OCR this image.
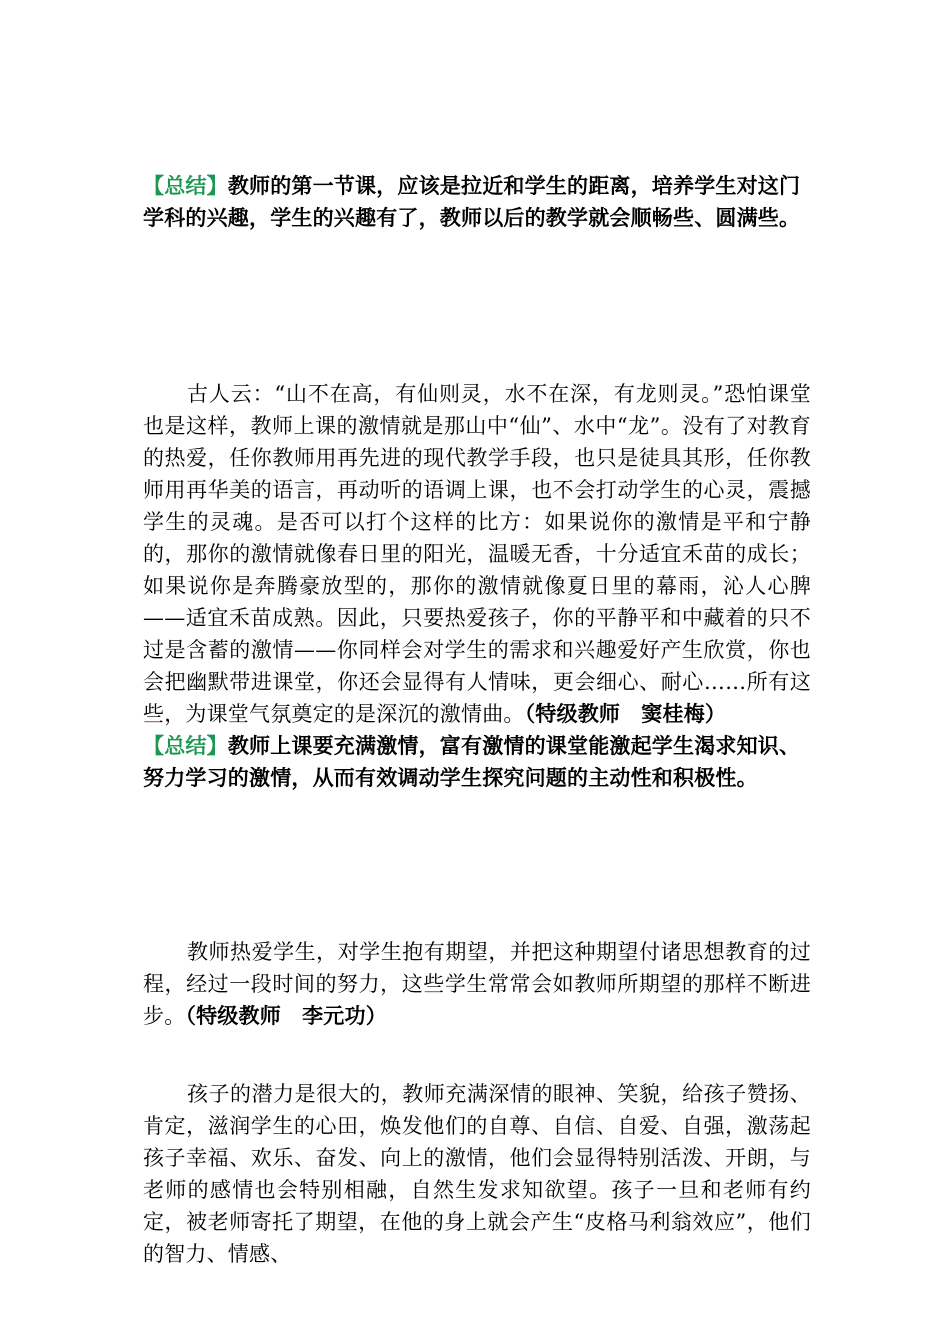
【总结】教师的第一节课，应该是拉近和学生的距离，培养学生对这门学科的兴趣，学生的兴趣有了，教师以后的教学就会顺畅些、圆满些。

古人云：“山不在高，有仙则灵，水不在深，有龙则灵。”恐怕课堂也是这样，教师上课的激情就是那山中“仙”、水中“龙”。没有了对教育的热爱，任你教师用再先进的现代教学手段，也只是徒具其形，任你教师用再华美的语言，再动听的语调上课，也不会打动学生的心灵，震撼学生的灵魂。是否可以打个这样的比方：如果说你的激情是平和宁静的，那你的激情就像春日里的阳光，温暖无香，十分适宜禾苗的成长；如果说你是奔腾豪放型的，那你的激情就像夏日里的幕雨，沁人心脾——适宜禾苗成熟。因此，只要热爱孩子，你的平静平和中藏着的只不过是含蓄的激情——你同样会对学生的需求和兴趣爱好产生欣赏，你也会把幽默带进课堂，你还会显得有人情味，更会细心、耐心……所有这些，为课堂气氛奠定的是深沉的激情曲。（特级教师　窦桂梅）

【总结】教师上课要充满激情，富有激情的课堂能激起学生渴求知识、努力学习的激情，从而有效调动学生探究问题的主动性和积极性。

教师热爱学生，对学生抱有期望，并把这种期望付诸思想教育的过程，经过一段时间的努力，这些学生常常会如教师所期望的那样不断进步。（特级教师　李元功）

孩子的潜力是很大的，教师充满深情的眼神、笑貌，给孩子赞扬、肯定，滋润学生的心田，焕发他们的自尊、自信、自爱、自强，激荡起孩子幸福、欢乐、奋发、向上的激情，他们会显得特别活泼、开朗，与老师的感情也会特别相融，自然生发求知欲望。孩子一旦和老师有约定，被老师寄托了期望，在他的身上就会产生“皮格马利翁效应”，他们的智力、情感、
